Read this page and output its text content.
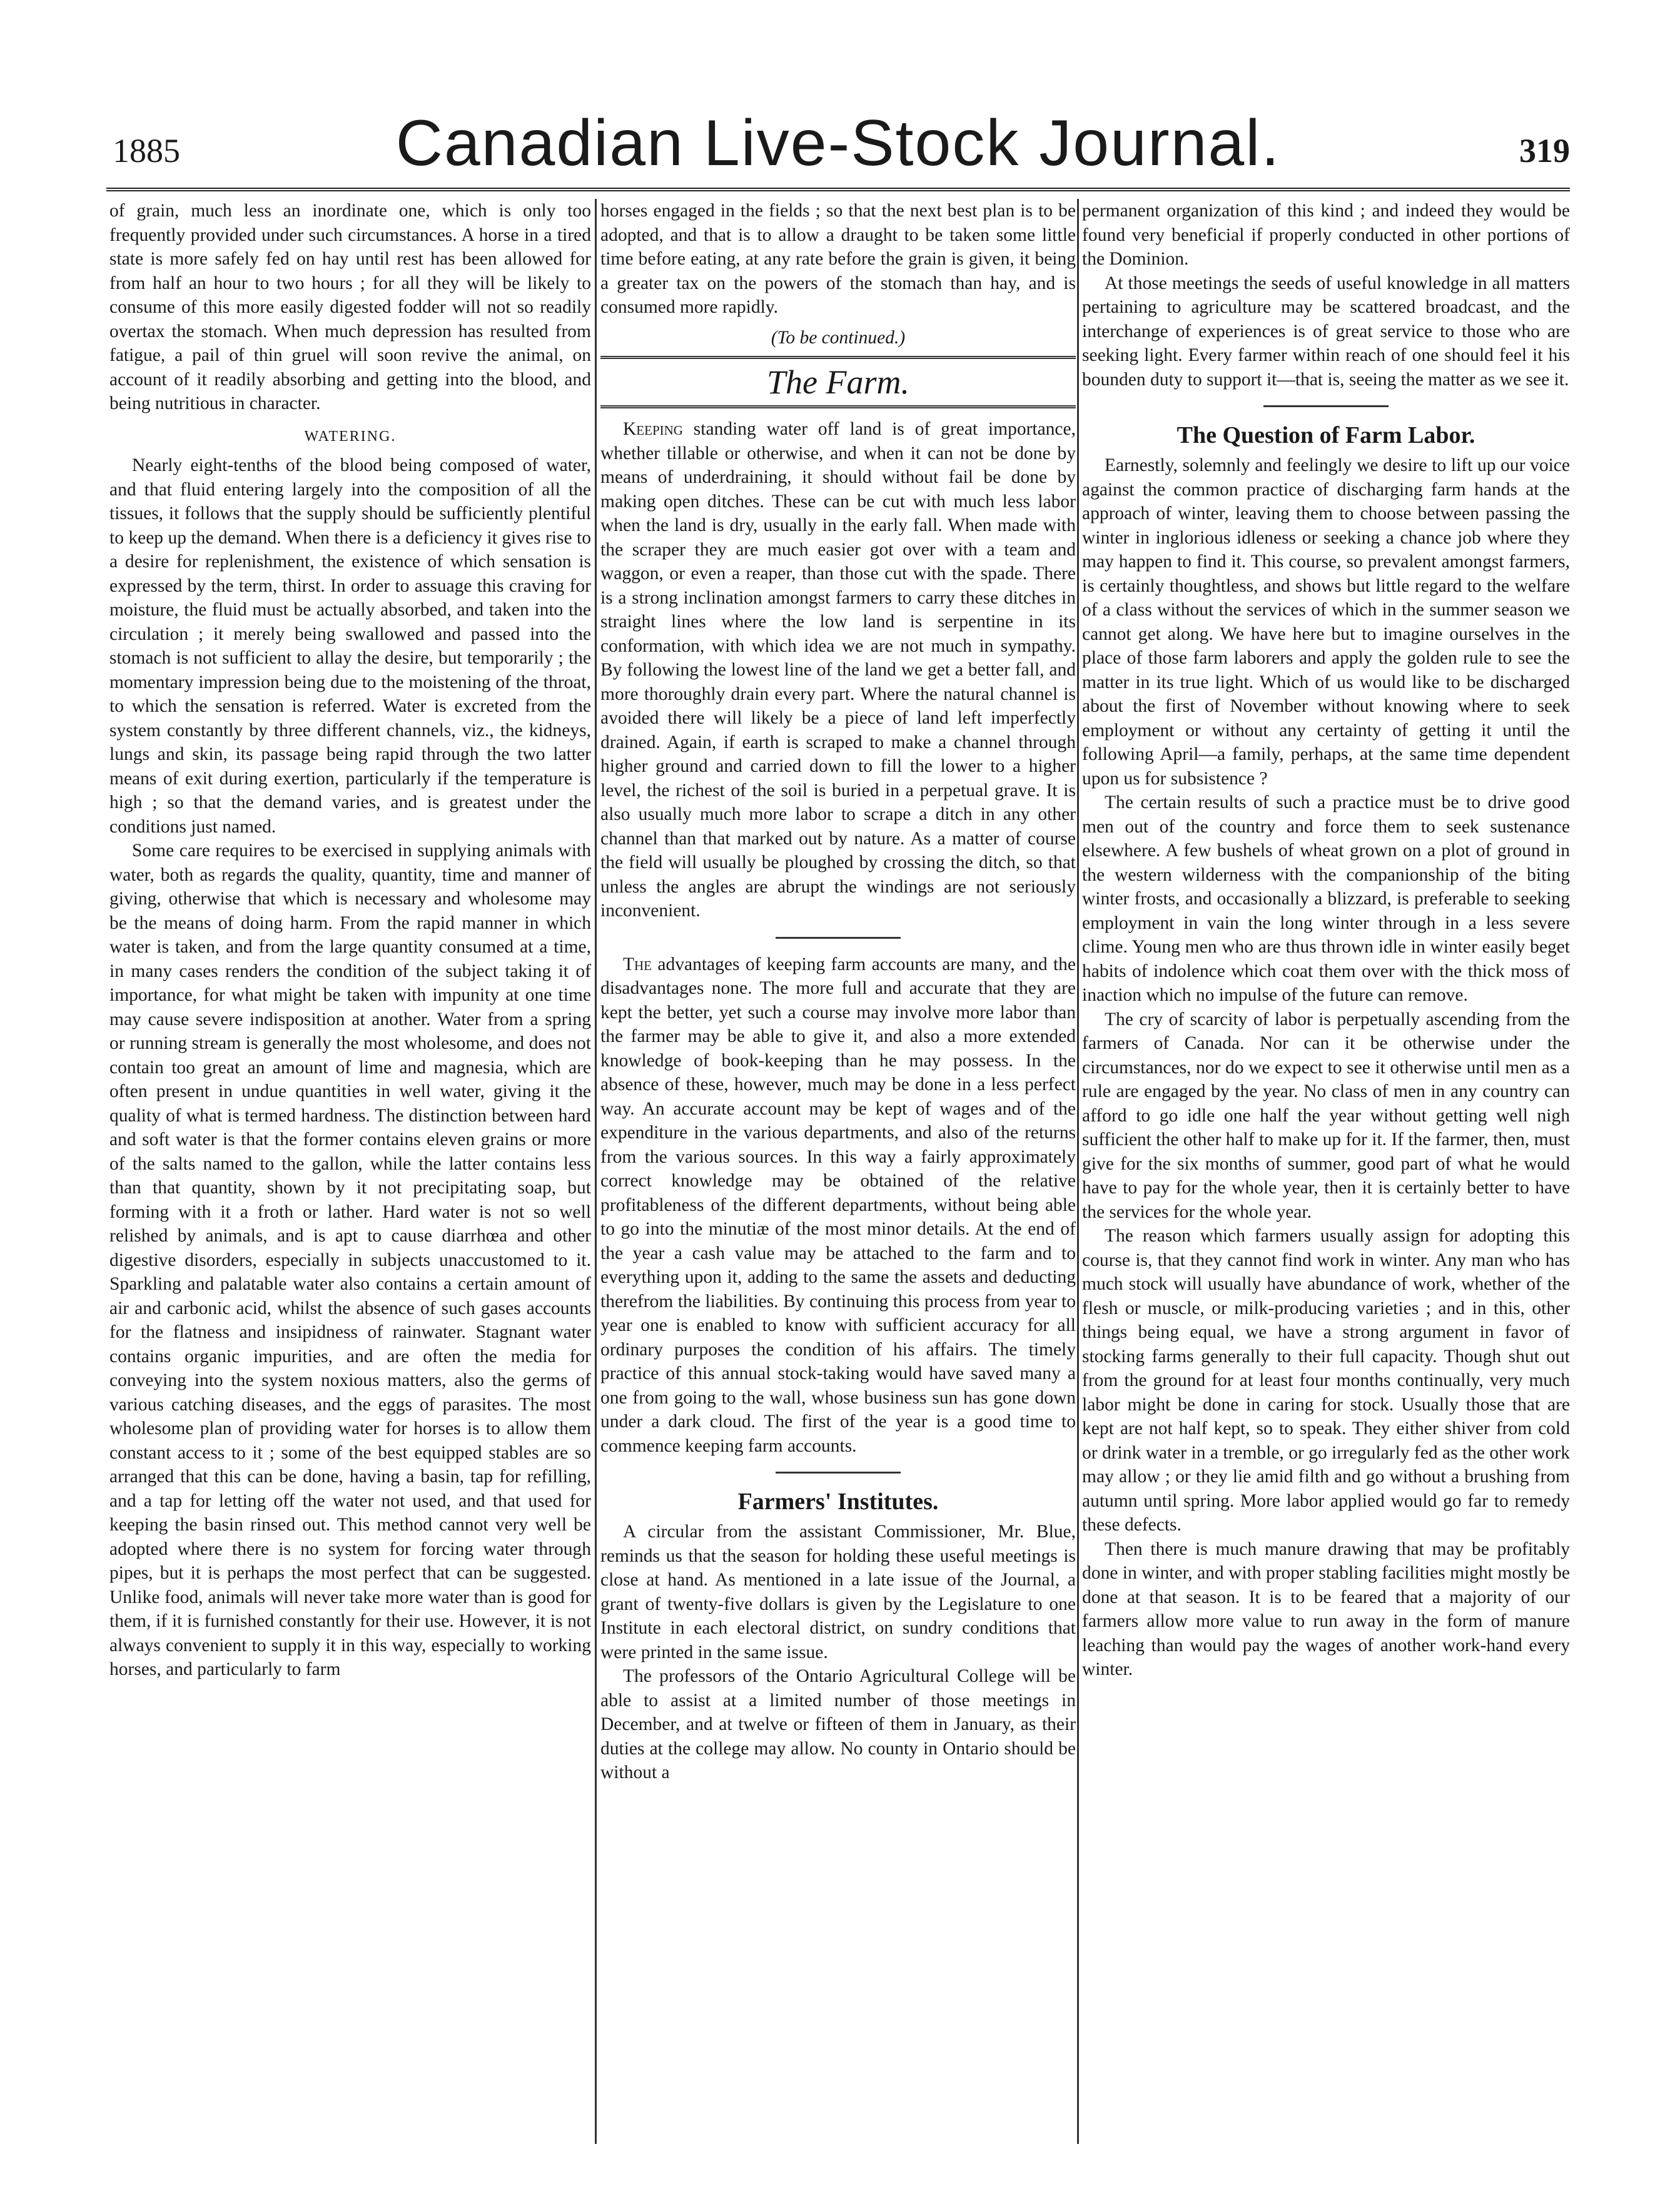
1885	Canadian Live-Stock Journal.	319

of grain, much less an inordinate one, which is only too frequently provided under such circumstances. A horse in a tired state is more safely fed on hay until rest has been allowed for from half an hour to two hours ; for all they will be likely to consume of this more easily digested fodder will not so readily overtax the stomach. When much depression has resulted from fatigue, a pail of thin gruel will soon revive the animal, on account of it readily absorbing and getting into the blood, and being nutritious in character.

WATERING.

Nearly eight-tenths of the blood being composed of water, and that fluid entering largely into the composition of all the tissues, it follows that the supply should be sufficiently plentiful to keep up the demand. When there is a deficiency it gives rise to a desire for replenishment, the existence of which sensation is expressed by the term, thirst. In order to assuage this craving for moisture, the fluid must be actually absorbed, and taken into the circulation ; it merely being swallowed and passed into the stomach is not sufficient to allay the desire, but temporarily ; the momentary impression being due to the moistening of the throat, to which the sensation is referred. Water is excreted from the system constantly by three different channels, viz., the kidneys, lungs and skin, its passage being rapid through the two latter means of exit during exertion, particularly if the temperature is high ; so that the demand varies, and is greatest under the conditions just named.

Some care requires to be exercised in supplying animals with water, both as regards the quality, quantity, time and manner of giving, otherwise that which is necessary and wholesome may be the means of doing harm. From the rapid manner in which water is taken, and from the large quantity consumed at a time, in many cases renders the condition of the subject taking it of importance, for what might be taken with impunity at one time may cause severe indisposition at another. Water from a spring or running stream is generally the most wholesome, and does not contain too great an amount of lime and magnesia, which are often present in undue quantities in well water, giving it the quality of what is termed hardness. The distinction between hard and soft water is that the former contains eleven grains or more of the salts named to the gallon, while the latter contains less than that quantity, shown by it not precipitating soap, but forming with it a froth or lather. Hard water is not so well relished by animals, and is apt to cause diarrhœa and other digestive disorders, especially in subjects unaccustomed to it. Sparkling and palatable water also contains a certain amount of air and carbonic acid, whilst the absence of such gases accounts for the flatness and insipidness of rainwater. Stagnant water contains organic impurities, and are often the media for conveying into the system noxious matters, also the germs of various catching diseases, and the eggs of parasites. The most wholesome plan of providing water for horses is to allow them constant access to it ; some of the best equipped stables are so arranged that this can be done, having a basin, tap for refilling, and a tap for letting off the water not used, and that used for keeping the basin rinsed out. This method cannot very well be adopted where there is no system for forcing water through pipes, but it is perhaps the most perfect that can be suggested. Unlike food, animals will never take more water than is good for them, if it is furnished constantly for their use. However, it is not always convenient to supply it in this way, especially to working horses, and particularly to farm

horses engaged in the fields ; so that the next best plan is to be adopted, and that is to allow a draught to be taken some little time before eating, at any rate before the grain is given, it being a greater tax on the powers of the stomach than hay, and is consumed more rapidly.

(To be continued.)
The Farm.

Keeping standing water off land is of great importance, whether tillable or otherwise, and when it can not be done by means of underdraining, it should without fail be done by making open ditches. These can be cut with much less labor when the land is dry, usually in the early fall. When made with the scraper they are much easier got over with a team and waggon, or even a reaper, than those cut with the spade. There is a strong inclination amongst farmers to carry these ditches in straight lines where the low land is serpentine in its conformation, with which idea we are not much in sympathy. By following the lowest line of the land we get a better fall, and more thoroughly drain every part. Where the natural channel is avoided there will likely be a piece of land left imperfectly drained. Again, if earth is scraped to make a channel through higher ground and carried down to fill the lower to a higher level, the richest of the soil is buried in a perpetual grave. It is also usually much more labor to scrape a ditch in any other channel than that marked out by nature. As a matter of course the field will usually be ploughed by crossing the ditch, so that unless the angles are abrupt the windings are not seriously inconvenient.

The advantages of keeping farm accounts are many, and the disadvantages none. The more full and accurate that they are kept the better, yet such a course may involve more labor than the farmer may be able to give it, and also a more extended knowledge of book-keeping than he may possess. In the absence of these, however, much may be done in a less perfect way. An accurate account may be kept of wages and of the expenditure in the various departments, and also of the returns from the various sources. In this way a fairly approximately correct knowledge may be obtained of the relative profitableness of the different departments, without being able to go into the minutiæ of the most minor details. At the end of the year a cash value may be attached to the farm and to everything upon it, adding to the same the assets and deducting therefrom the liabilities. By continuing this process from year to year one is enabled to know with sufficient accuracy for all ordinary purposes the condition of his affairs. The timely practice of this annual stock-taking would have saved many a one from going to the wall, whose business sun has gone down under a dark cloud. The first of the year is a good time to commence keeping farm accounts.

Farmers' Institutes.

A circular from the assistant Commissioner, Mr. Blue, reminds us that the season for holding these useful meetings is close at hand. As mentioned in a late issue of the Journal, a grant of twenty-five dollars is given by the Legislature to one Institute in each electoral district, on sundry conditions that were printed in the same issue.

The professors of the Ontario Agricultural College will be able to assist at a limited number of those meetings in December, and at twelve or fifteen of them in January, as their duties at the college may allow. No county in Ontario should be without a

permanent organization of this kind ; and indeed they would be found very beneficial if properly conducted in other portions of the Dominion.

At those meetings the seeds of useful knowledge in all matters pertaining to agriculture may be scattered broadcast, and the interchange of experiences is of great service to those who are seeking light. Every farmer within reach of one should feel it his bounden duty to support it—that is, seeing the matter as we see it.

The Question of Farm Labor.

Earnestly, solemnly and feelingly we desire to lift up our voice against the common practice of discharging farm hands at the approach of winter, leaving them to choose between passing the winter in inglorious idleness or seeking a chance job where they may happen to find it. This course, so prevalent amongst farmers, is certainly thoughtless, and shows but little regard to the welfare of a class without the services of which in the summer season we cannot get along. We have here but to imagine ourselves in the place of those farm laborers and apply the golden rule to see the matter in its true light. Which of us would like to be discharged about the first of November without knowing where to seek employment or without any certainty of getting it until the following April—a family, perhaps, at the same time dependent upon us for subsistence ?

The certain results of such a practice must be to drive good men out of the country and force them to seek sustenance elsewhere. A few bushels of wheat grown on a plot of ground in the western wilderness with the companionship of the biting winter frosts, and occasionally a blizzard, is preferable to seeking employment in vain the long winter through in a less severe clime. Young men who are thus thrown idle in winter easily beget habits of indolence which coat them over with the thick moss of inaction which no impulse of the future can remove.

The cry of scarcity of labor is perpetually ascending from the farmers of Canada. Nor can it be otherwise under the circumstances, nor do we expect to see it otherwise until men as a rule are engaged by the year. No class of men in any country can afford to go idle one half the year without getting well nigh sufficient the other half to make up for it. If the farmer, then, must give for the six months of summer, good part of what he would have to pay for the whole year, then it is certainly better to have the services for the whole year.

The reason which farmers usually assign for adopting this course is, that they cannot find work in winter. Any man who has much stock will usually have abundance of work, whether of the flesh or muscle, or milk-producing varieties ; and in this, other things being equal, we have a strong argument in favor of stocking farms generally to their full capacity. Though shut out from the ground for at least four months continually, very much labor might be done in caring for stock. Usually those that are kept are not half kept, so to speak. They either shiver from cold or drink water in a tremble, or go irregularly fed as the other work may allow ; or they lie amid filth and go without a brushing from autumn until spring. More labor applied would go far to remedy these defects.

Then there is much manure drawing that may be profitably done in winter, and with proper stabling facilities might mostly be done at that season. It is to be feared that a majority of our farmers allow more value to run away in the form of manure leaching than would pay the wages of another work-hand every winter.
